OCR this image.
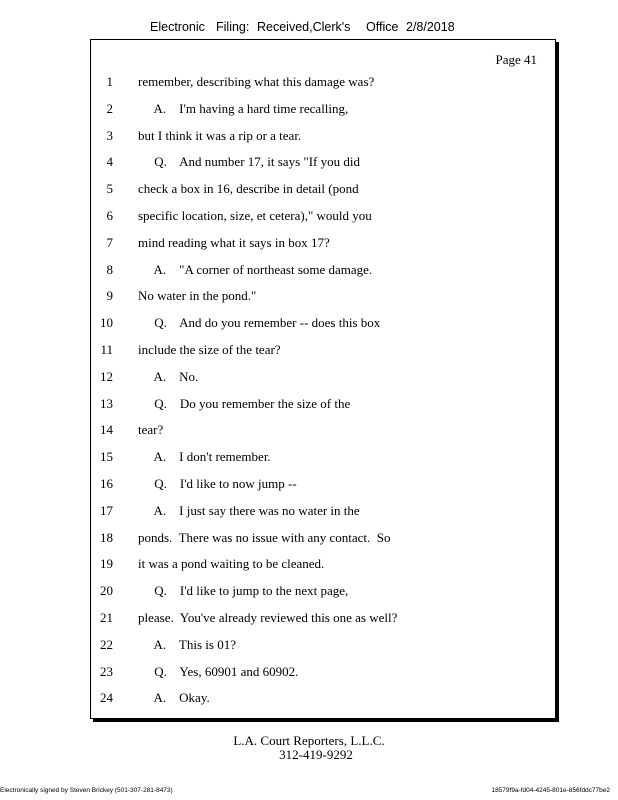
Electronic Filing: Received,Clerk's Office 2/8/2018
Page 41
1 remember, describing what this damage was?
2 A.    I'm having a hard time recalling,
3 but I think it was a rip or a tear.
4 Q.    And number 17, it says "If you did
5 check a box in 16, describe in detail (pond
6 specific location, size, et cetera)," would you
7 mind reading what it says in box 17?
8 A.    "A corner of northeast some damage.
9 No water in the pond."
10 Q.    And do you remember -- does this box
11 include the size of the tear?
12 A.    No.
13 Q.    Do you remember the size of the
14 tear?
15 A.    I don't remember.
16 Q.    I'd like to now jump --
17 A.    I just say there was no water in the
18 ponds.  There was no issue with any contact.  So
19 it was a pond waiting to be cleaned.
20 Q.    I'd like to jump to the next page,
21 please.  You've already reviewed this one as well?
22 A.    This is 01?
23 Q.    Yes, 60901 and 60902.
24 A.    Okay.
L.A. Court Reporters, L.L.C.
312-419-9292
Electronically signed by Steven Brickey (501-307-281-8473)	18579f9a-fd04-4245-801e-856fddc77be2
